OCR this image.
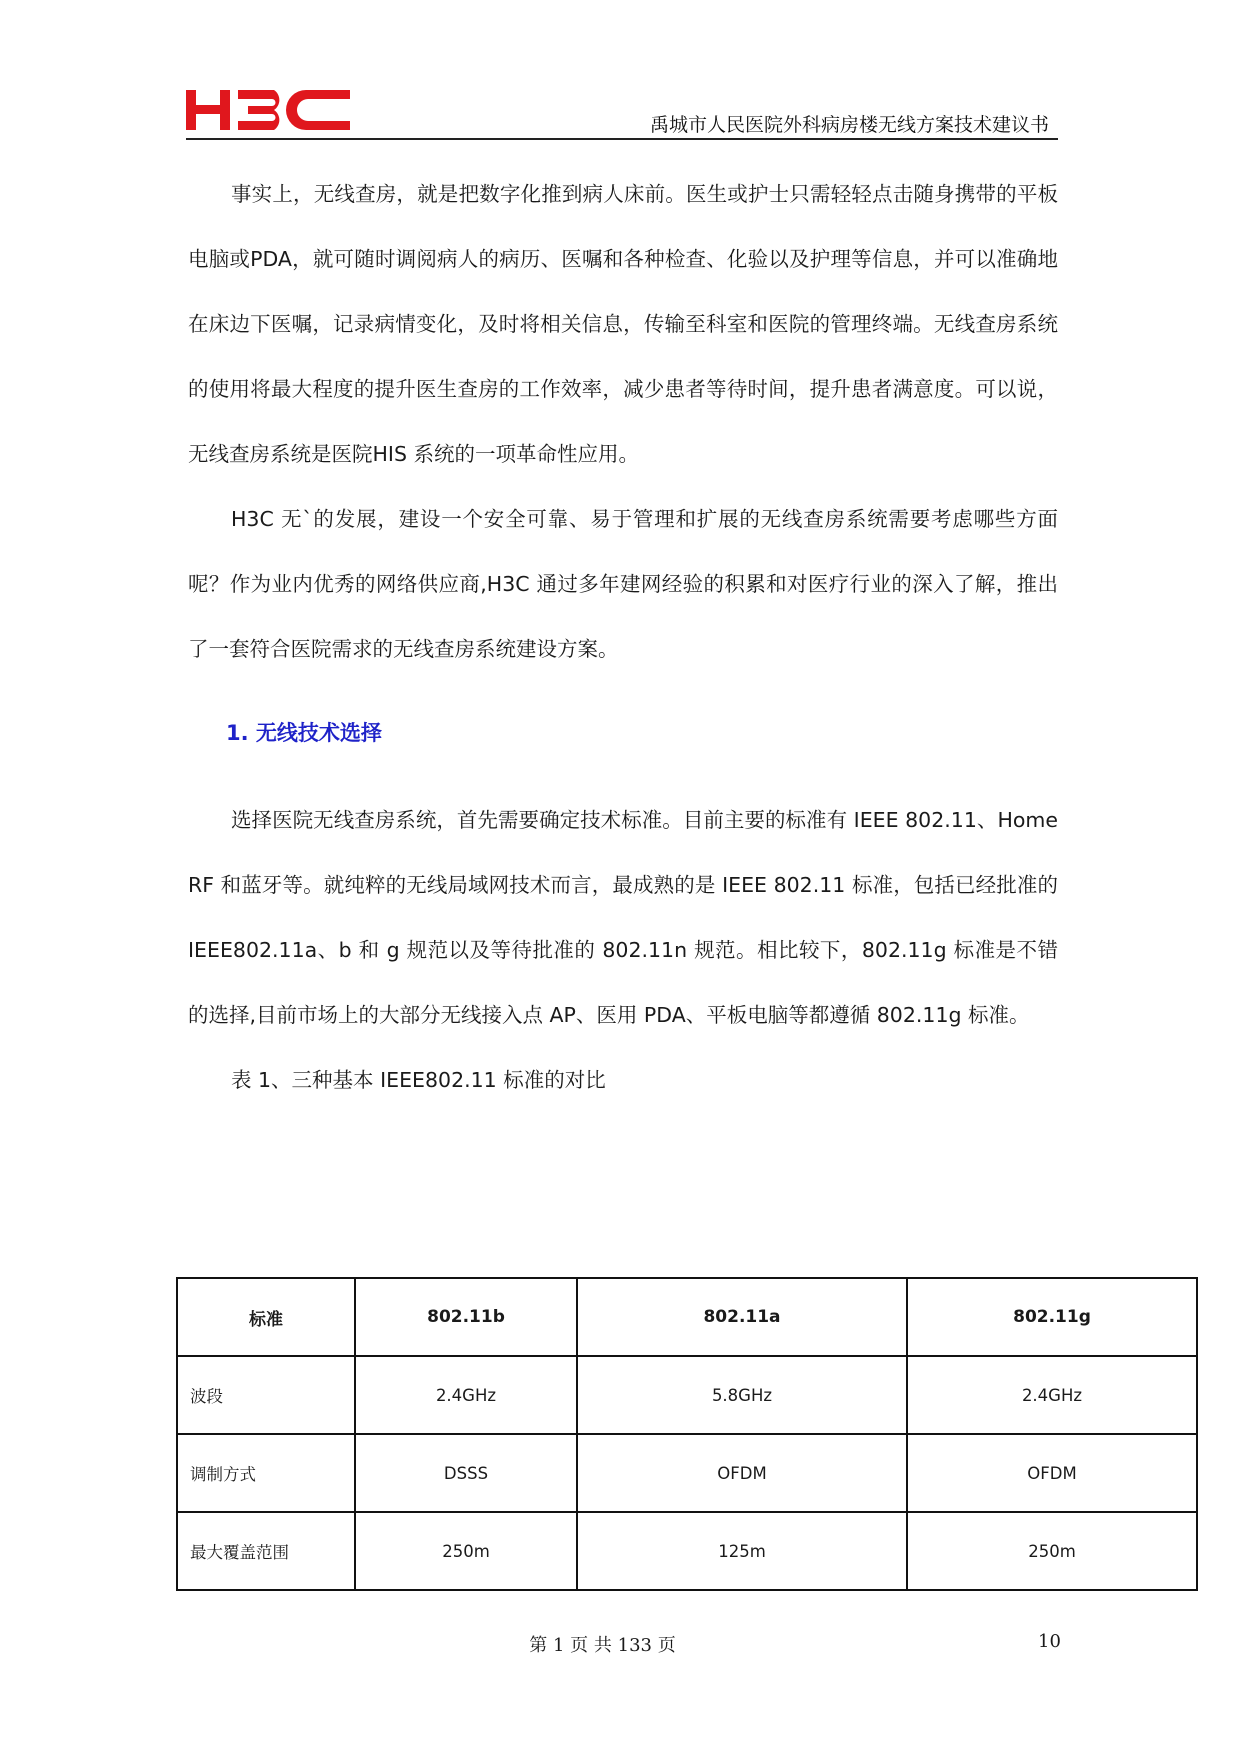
禹城市人民医院外科病房楼无线方案技术建议书

事实上，无线查房，就是把数字化推到病人床前。医生或护士只需轻轻点击随身携带的平板电脑或PDA，就可随时调阅病人的病历、医嘱和各种检查、化验以及护理等信息，并可以准确地在床边下医嘱，记录病情变化，及时将相关信息，传输至科室和医院的管理终端。无线查房系统的使用将最大程度的提升医生查房的工作效率，减少患者等待时间，提升患者满意度。可以说，无线查房系统是医院HIS 系统的一项革命性应用。

H3C 无`的发展，建设一个安全可靠、易于管理和扩展的无线查房系统需要考虑哪些方面呢？作为业内优秀的网络供应商,H3C 通过多年建网经验的积累和对医疗行业的深入了解，推出了一套符合医院需求的无线查房系统建设方案。

1. 无线技术选择

选择医院无线查房系统，首先需要确定技术标准。目前主要的标准有 IEEE 802.11、HomeRF 和蓝牙等。就纯粹的无线局域网技术而言，最成熟的是 IEEE 802.11 标准，包括已经批准的 IEEE802.11a、b 和 g 规范以及等待批准的 802.11n 规范。相比较下，802.11g 标准是不错的选择,目前市场上的大部分无线接入点 AP、医用 PDA、平板电脑等都遵循 802.11g 标准。

表 1、三种基本 IEEE802.11 标准的对比

标准	802.11b	802.11a	802.11g
波段	2.4GHz	5.8GHz	2.4GHz
调制方式	DSSS	OFDM	OFDM
最大覆盖范围	250m	125m	250m
第 1 页 共 133 页	10
